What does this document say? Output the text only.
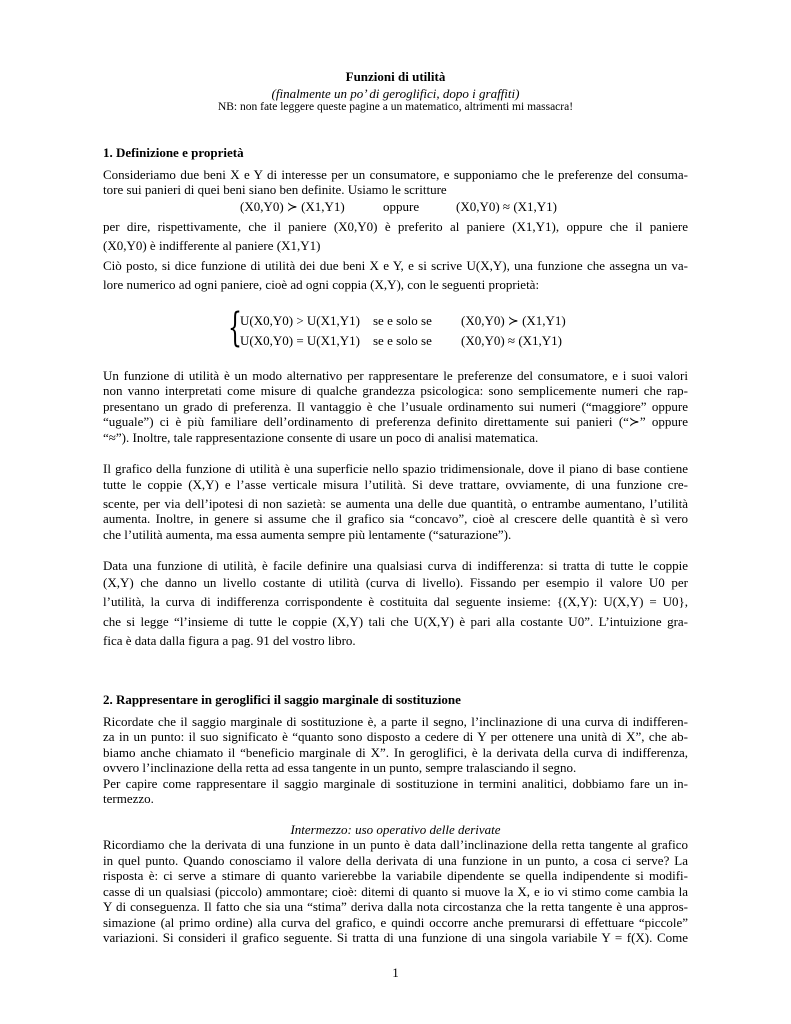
Funzioni di utilità
(finalmente un po’ di geroglifici, dopo i graffiti)
NB: non fate leggere queste pagine a un matematico, altrimenti mi massacra!
1. Definizione e proprietà
Consideriamo due beni X e Y di interesse per un consumatore, e supponiamo che le preferenze del consuma-
tore sui panieri di quei beni siano ben definite. Usiamo le scritture
(X0,Y0) ≻ (X1,Y1)	oppure	(X0,Y0) ≈ (X1,Y1)
per dire, rispettivamente, che il paniere (X0,Y0) è preferito al paniere (X1,Y1), oppure che il paniere
(X0,Y0) è indifferente al paniere (X1,Y1)
Ciò posto, si dice funzione di utilità dei due beni X e Y, e si scrive U(X,Y), una funzione che assegna un va-
lore numerico ad ogni paniere, cioè ad ogni coppia (X,Y), con le seguenti proprietà:
{
U(X0,Y0) > U(X1,Y1) se e solo se (X0,Y0) ≻ (X1,Y1)
U(X0,Y0) = U(X1,Y1) se e solo se (X0,Y0) ≈ (X1,Y1)
Un funzione di utilità è un modo alternativo per rappresentare le preferenze del consumatore, e i suoi valori
non vanno interpretati come misure di qualche grandezza psicologica: sono semplicemente numeri che rap-
presentano un grado di preferenza. Il vantaggio è che l’usuale ordinamento sui numeri (“maggiore” oppure
“uguale”) ci è più familiare dell’ordinamento di preferenza definito direttamente sui panieri (“≻” oppure
“≈”). Inoltre, tale rappresentazione consente di usare un poco di analisi matematica.
Il grafico della funzione di utilità è una superficie nello spazio tridimensionale, dove il piano di base contiene
tutte le coppie (X,Y) e l’asse verticale misura l’utilità. Si deve trattare, ovviamente, di una funzione cre-
scente, per via dell’ipotesi di non sazietà: se aumenta una delle due quantità, o entrambe aumentano, l’utilità
aumenta. Inoltre, in genere si assume che il grafico sia “concavo”, cioè al crescere delle quantità è sì vero
che l’utilità aumenta, ma essa aumenta sempre più lentamente (“saturazione”).
Data una funzione di utilità, è facile definire una qualsiasi curva di indifferenza: si tratta di tutte le coppie
(X,Y) che danno un livello costante di utilità (curva di livello). Fissando per esempio il valore U0 per
l’utilità, la curva di indifferenza corrispondente è costituita dal seguente insieme: {(X,Y): U(X,Y) = U0},
che si legge “l’insieme di tutte le coppie (X,Y) tali che U(X,Y) è pari alla costante U0”. L’intuizione gra-
fica è data dalla figura a pag. 91 del vostro libro.
2. Rappresentare in geroglifici il saggio marginale di sostituzione
Ricordate che il saggio marginale di sostituzione è, a parte il segno, l’inclinazione di una curva di indifferen-
za in un punto: il suo significato è “quanto sono disposto a cedere di Y per ottenere una unità di X”, che ab-
biamo anche chiamato il “beneficio marginale di X”. In geroglifici, è la derivata della curva di indifferenza,
ovvero l’inclinazione della retta ad essa tangente in un punto, sempre tralasciando il segno.
Per capire come rappresentare il saggio marginale di sostituzione in termini analitici, dobbiamo fare un in-
termezzo.
Intermezzo: uso operativo delle derivate
Ricordiamo che la derivata di una funzione in un punto è data dall’inclinazione della retta tangente al grafico
in quel punto. Quando conosciamo il valore della derivata di una funzione in un punto, a cosa ci serve? La
risposta è: ci serve a stimare di quanto varierebbe la variabile dipendente se quella indipendente si modifi-
casse di un qualsiasi (piccolo) ammontare; cioè: ditemi di quanto si muove la X, e io vi stimo come cambia la
Y di conseguenza. Il fatto che sia una “stima” deriva dalla nota circostanza che la retta tangente è una appros-
simazione (al primo ordine) alla curva del grafico, e quindi occorre anche premurarsi di effettuare “piccole”
variazioni. Si consideri il grafico seguente. Si tratta di una funzione di una singola variabile Y = f(X). Come
1
